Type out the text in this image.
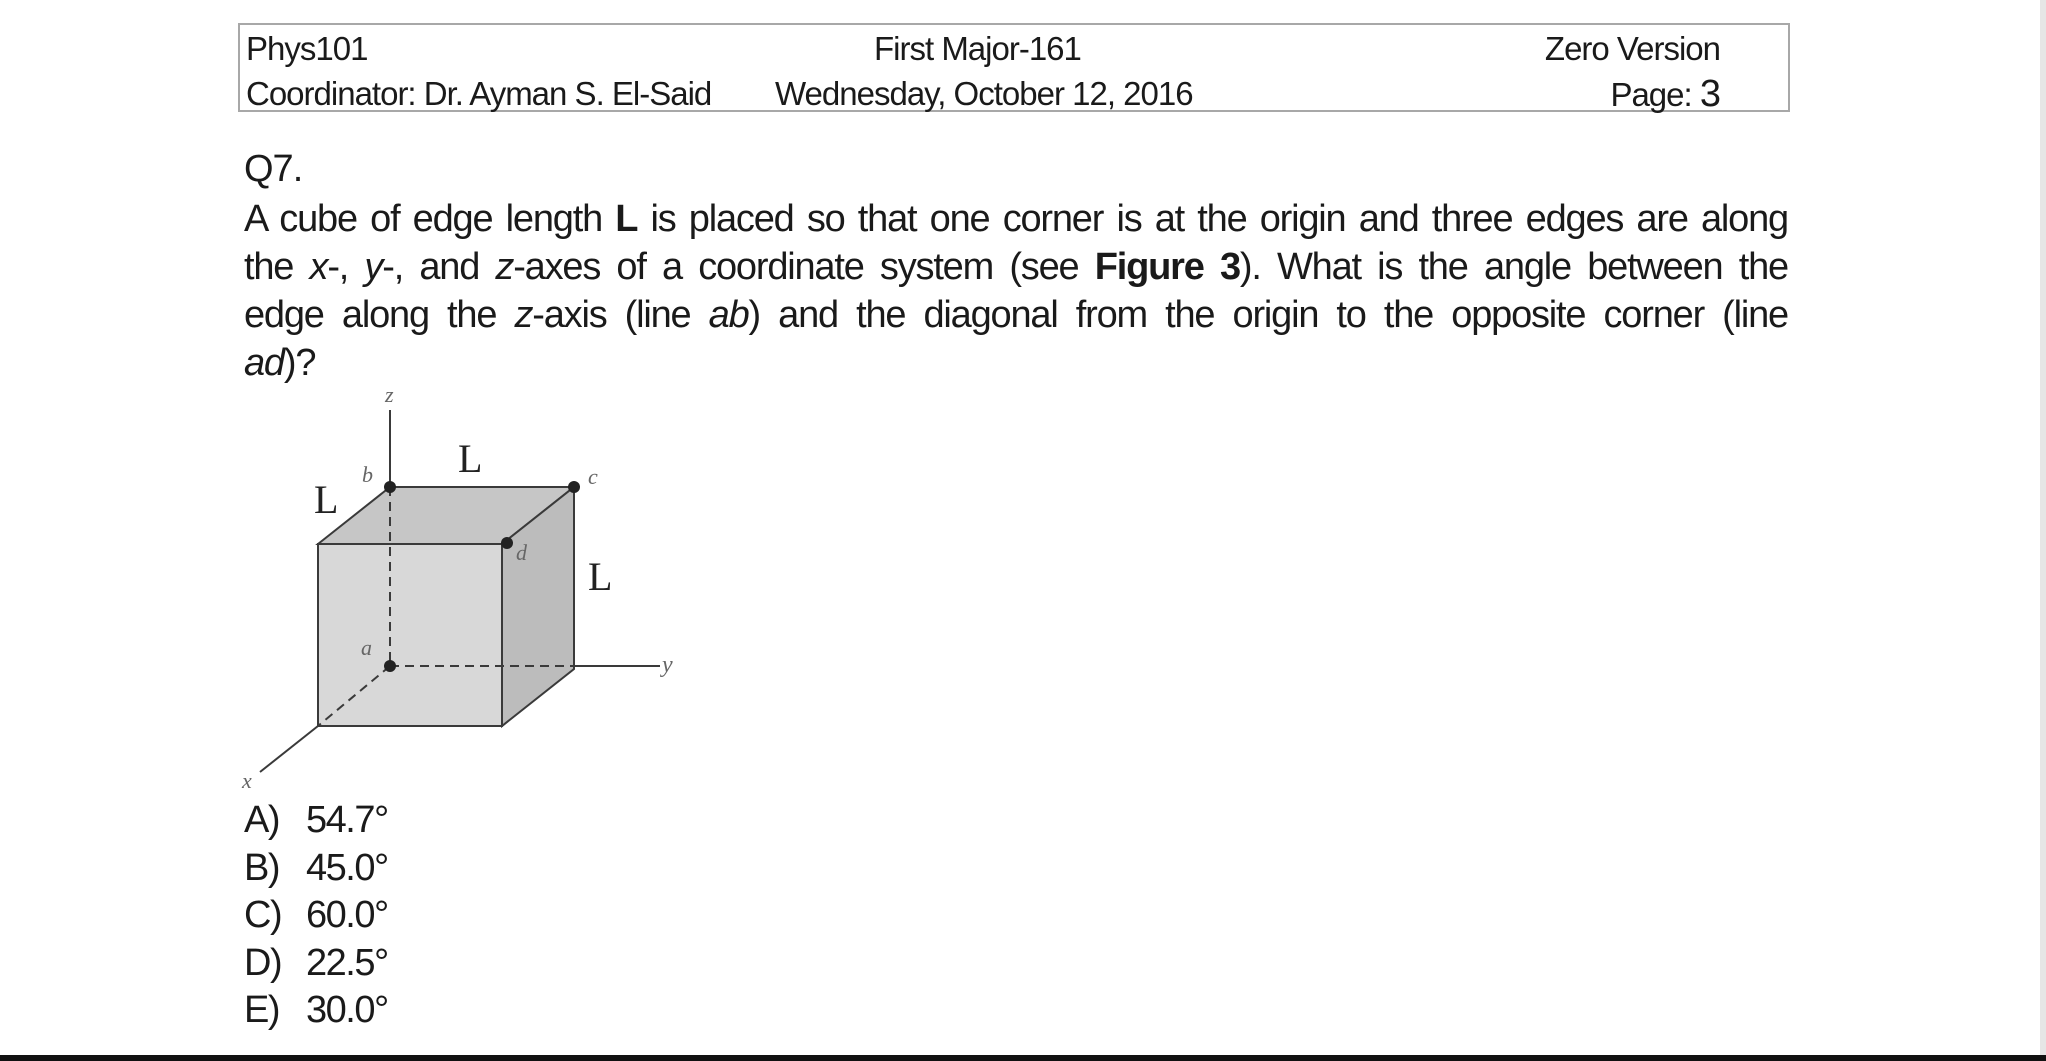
Phys101	First Major-161	Zero Version
Coordinator: Dr. Ayman S. El-Said Wednesday, October 12, 2016	Page: 3
Q7.
A cube of edge length L is placed so that one corner is at the origin and three edges are along
the x-, y-, and z-axes of a coordinate system (see Figure 3). What is the angle between the
edge along the z-axis (line ab) and the diagonal from the origin to the opposite corner (line
ad)?
z
y
x
a
b	c
d
L
L
L
A) 54.7°
B) 45.0°
C) 60.0°
D) 22.5°
E) 30.0°
